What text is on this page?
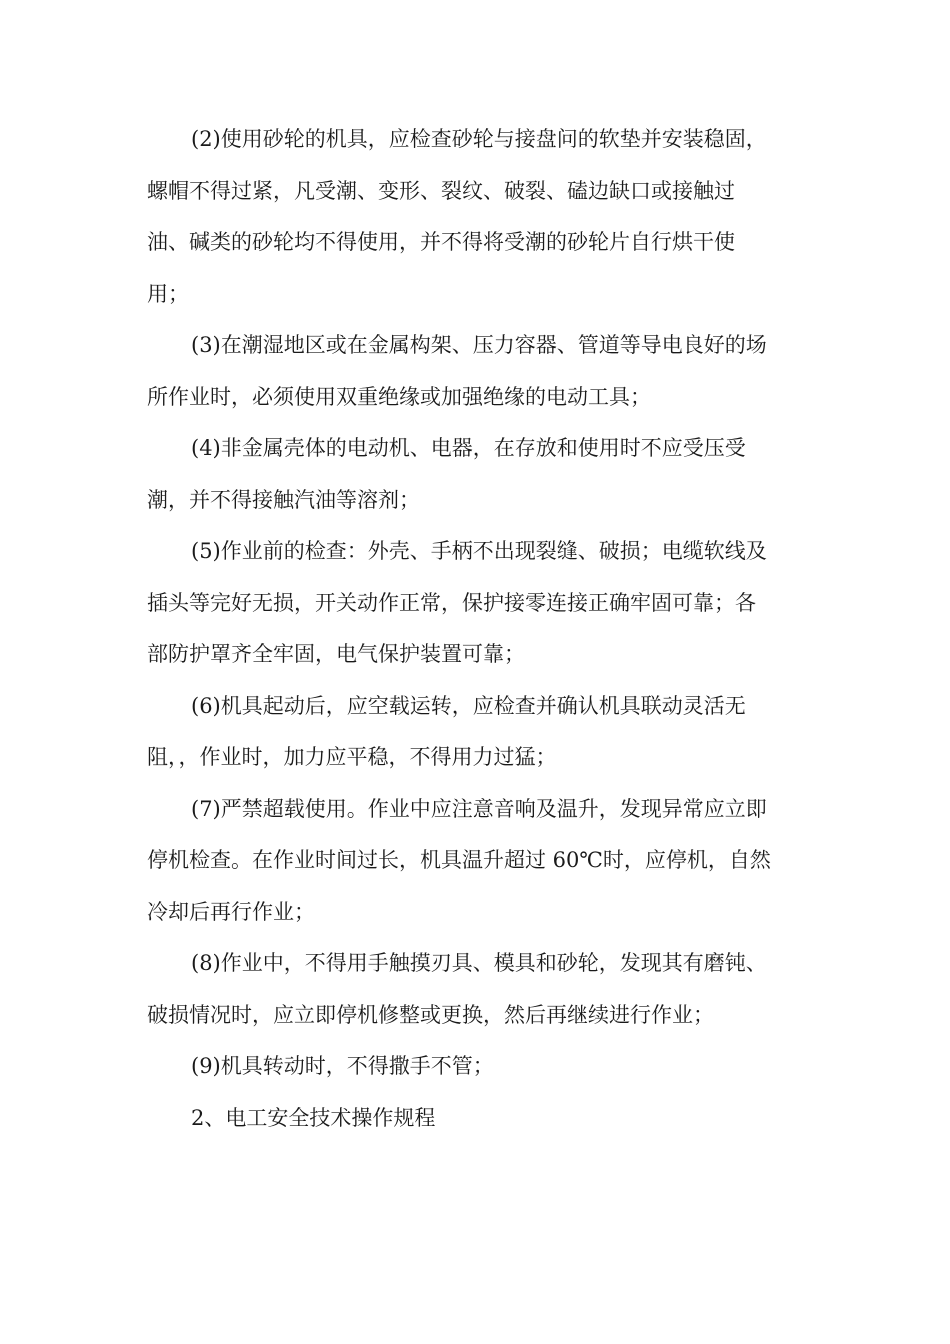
(2)使用砂轮的机具，应检查砂轮与接盘问的软垫并安装稳固，
螺帽不得过紧，凡受潮、变形、裂纹、破裂、磕边缺口或接触过
油、碱类的砂轮均不得使用，并不得将受潮的砂轮片自行烘干使
用；

(3)在潮湿地区或在金属构架、压力容器、管道等导电良好的场
所作业时，必须使用双重绝缘或加强绝缘的电动工具；

(4)非金属壳体的电动机、电器，在存放和使用时不应受压受
潮，并不得接触汽油等溶剂；

(5)作业前的检查：外壳、手柄不出现裂缝、破损；电缆软线及
插头等完好无损，开关动作正常，保护接零连接正确牢固可靠；各
部防护罩齐全牢固，电气保护装置可靠；

(6)机具起动后，应空载运转，应检查并确认机具联动灵活无
阻，，作业时，加力应平稳，不得用力过猛；

(7)严禁超载使用。作业中应注意音响及温升，发现异常应立即
停机检查。在作业时间过长，机具温升超过 60℃时，应停机，自然
冷却后再行作业；

(8)作业中，不得用手触摸刃具、模具和砂轮，发现其有磨钝、
破损情况时，应立即停机修整或更换，然后再继续进行作业；

(9)机具转动时，不得撒手不管；

2、电工安全技术操作规程
